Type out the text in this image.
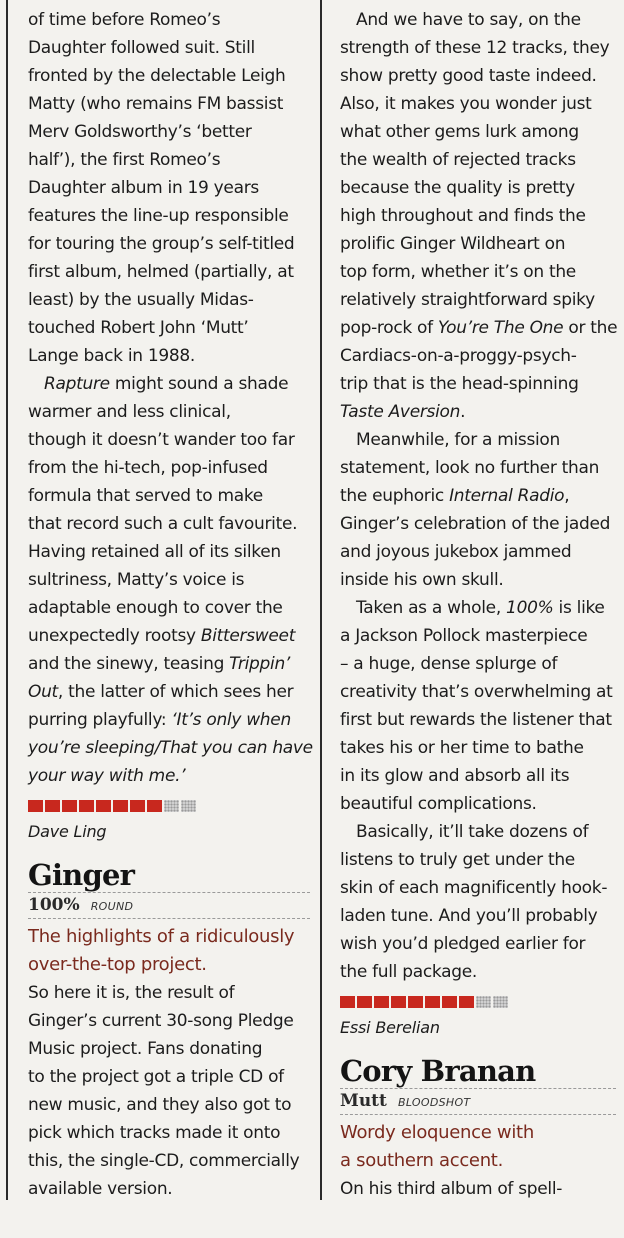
of time before Romeo’s
Daughter followed suit. Still
fronted by the delectable Leigh
Matty (who remains FM bassist
Merv Goldsworthy’s ‘better
half’), the first Romeo’s
Daughter album in 19 years
features the line-up responsible
for touring the group’s self-titled
first album, helmed (partially, at
least) by the usually Midas-
touched Robert John ‘Mutt’
Lange back in 1988.
Rapture might sound a shade
warmer and less clinical,
though it doesn’t wander too far
from the hi-tech, pop-infused
formula that served to make
that record such a cult favourite.
Having retained all of its silken
sultriness, Matty’s voice is
adaptable enough to cover the
unexpectedly rootsy Bittersweet
and the sinewy, teasing Trippin’
Out, the latter of which sees her
purring playfully: ‘It’s only when
you’re sleeping/That you can have
your way with me.’

Dave Ling

Ginger
100% ROUND

The highlights of a ridiculously
over-the-top project.

So here it is, the result of
Ginger’s current 30-song Pledge
Music project. Fans donating
to the project got a triple CD of
new music, and they also got to
pick which tracks made it onto
this, the single-CD, commercially
available version.
And we have to say, on the
strength of these 12 tracks, they
show pretty good taste indeed.
Also, it makes you wonder just
what other gems lurk among
the wealth of rejected tracks
because the quality is pretty
high throughout and finds the
prolific Ginger Wildheart on
top form, whether it’s on the
relatively straightforward spiky
pop-rock of You’re The One or the
Cardiacs-on-a-proggy-psych-
trip that is the head-spinning
Taste Aversion.
Meanwhile, for a mission
statement, look no further than
the euphoric Internal Radio,
Ginger’s celebration of the jaded
and joyous jukebox jammed
inside his own skull.
Taken as a whole, 100% is like
a Jackson Pollock masterpiece
– a huge, dense splurge of
creativity that’s overwhelming at
first but rewards the listener that
takes his or her time to bathe
in its glow and absorb all its
beautiful complications.
Basically, it’ll take dozens of
listens to truly get under the
skin of each magnificently hook-
laden tune. And you’ll probably
wish you’d pledged earlier for
the full package.

Essi Berelian

Cory Branan
Mutt BLOODSHOT

Wordy eloquence with
a southern accent.

On his third album of spell-
